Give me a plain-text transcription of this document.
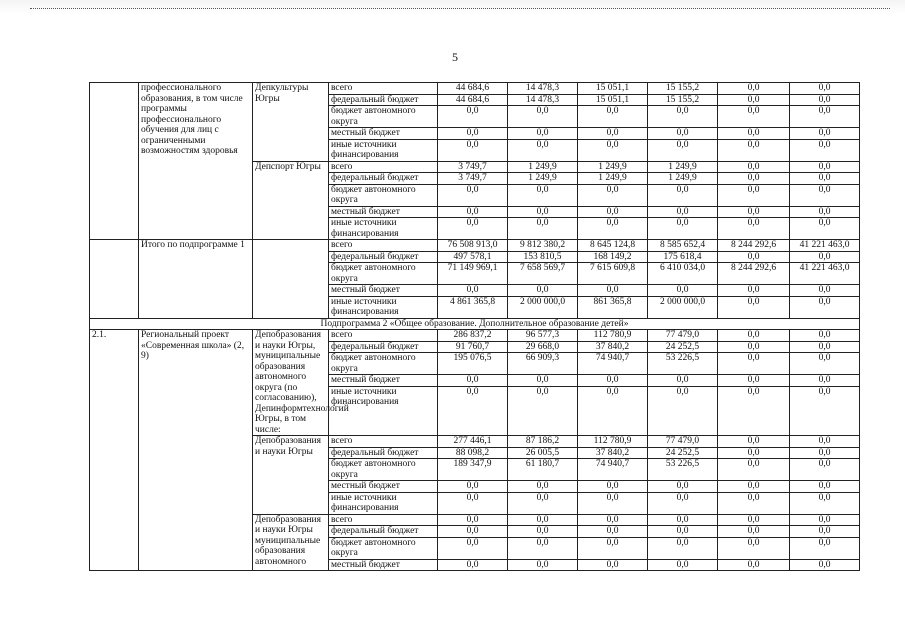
5
	профессионального образования, в том числе программы профессионального обучения для лиц с ограниченными возможностям здоровья	Депкультуры Югры	всего	44 684,6	14 478,3	15 051,1	15 155,2	0,0	0,0
			федеральный бюджет	44 684,6	14 478,3	15 051,1	15 155,2	0,0	0,0
			бюджет автономного округа	0,0	0,0	0,0	0,0	0,0	0,0
			местный бюджет	0,0	0,0	0,0	0,0	0,0	0,0
			иные источники финансирования	0,0	0,0	0,0	0,0	0,0	0,0
		Депспорт Югры	всего	3 749,7	1 249,9	1 249,9	1 249,9	0,0	0,0
			федеральный бюджет	3 749,7	1 249,9	1 249,9	1 249,9	0,0	0,0
			бюджет автономного округа	0,0	0,0	0,0	0,0	0,0	0,0
			местный бюджет	0,0	0,0	0,0	0,0	0,0	0,0
			иные источники финансирования	0,0	0,0	0,0	0,0	0,0	0,0
	Итого по подпрограмме 1		всего	76 508 913,0	9 812 380,2	8 645 124,8	8 585 652,4	8 244 292,6	41 221 463,0
			федеральный бюджет	497 578,1	153 810,5	168 149,2	175 618,4	0,0	0,0
			бюджет автономного округа	71 149 969,1	7 658 569,7	7 615 609,8	6 410 034,0	8 244 292,6	41 221 463,0
			местный бюджет	0,0	0,0	0,0	0,0	0,0	0,0
			иные источники финансирования	4 861 365,8	2 000 000,0	861 365,8	2 000 000,0	0,0	0,0
Подпрограмма 2 «Общее образование. Дополнительное образование детей»									
2.1.	Региональный проект «Современная школа» (2, 9)	Депобразования и науки Югры, муниципальные образования автономного округа (по согласованию), Депинформтехнологий Югры, в том числе:	всего	286 837,2	96 577,3	112 780,9	77 479,0	0,0	0,0
			федеральный бюджет	91 760,7	29 668,0	37 840,2	24 252,5	0,0	0,0
			бюджет автономного округа	195 076,5	66 909,3	74 940,7	53 226,5	0,0	0,0
			местный бюджет	0,0	0,0	0,0	0,0	0,0	0,0
			иные источники финансирования	0,0	0,0	0,0	0,0	0,0	0,0
		Депобразования и науки Югры	всего	277 446,1	87 186,2	112 780,9	77 479,0	0,0	0,0
			федеральный бюджет	88 098,2	26 005,5	37 840,2	24 252,5	0,0	0,0
			бюджет автономного округа	189 347,9	61 180,7	74 940,7	53 226,5	0,0	0,0
			местный бюджет	0,0	0,0	0,0	0,0	0,0	0,0
			иные источники финансирования	0,0	0,0	0,0	0,0	0,0	0,0
		Депобразования и науки Югры муниципальные образования автономного	всего	0,0	0,0	0,0	0,0	0,0	0,0
			федеральный бюджет	0,0	0,0	0,0	0,0	0,0	0,0
			бюджет автономного округа	0,0	0,0	0,0	0,0	0,0	0,0
			местный бюджет	0,0	0,0	0,0	0,0	0,0	0,0
